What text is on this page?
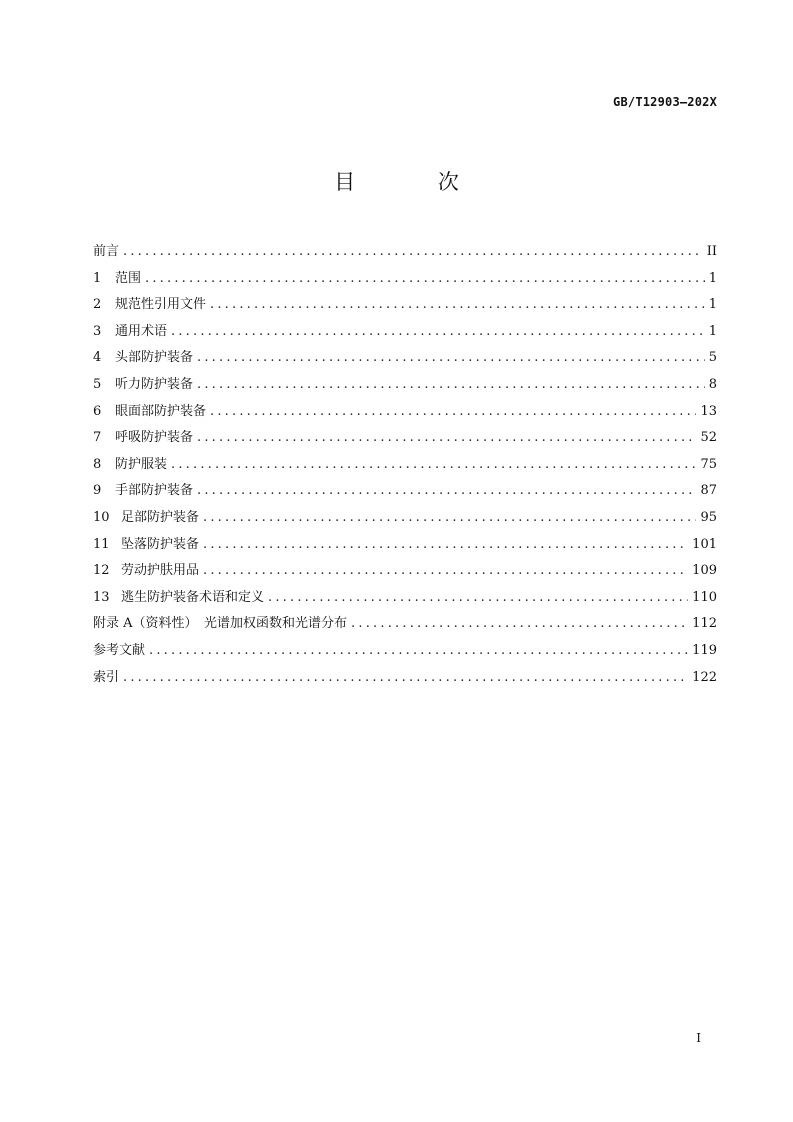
GB/T12903—202X
目 次
前言 .....	II
1	范围 .....	1
2	规范性引用文件 .....	1
3	通用术语 .....	1
4	头部防护装备 .....	5
5	听力防护装备 .....	8
6	眼面部防护装备 .....	13
7	呼吸防护装备 .....	52
8	防护服装 .....	75
9	手部防护装备 .....	87
10 足部防护装备 .....	95
11 坠落防护装备 .....	101
12 劳动护肤用品 .....	109
13 逃生防护装备术语和定义 .....	110
附录 A（资料性）　光谱加权函数和光谱分布 .....	112
参考文献 .....	119
索引 .....	122
I
